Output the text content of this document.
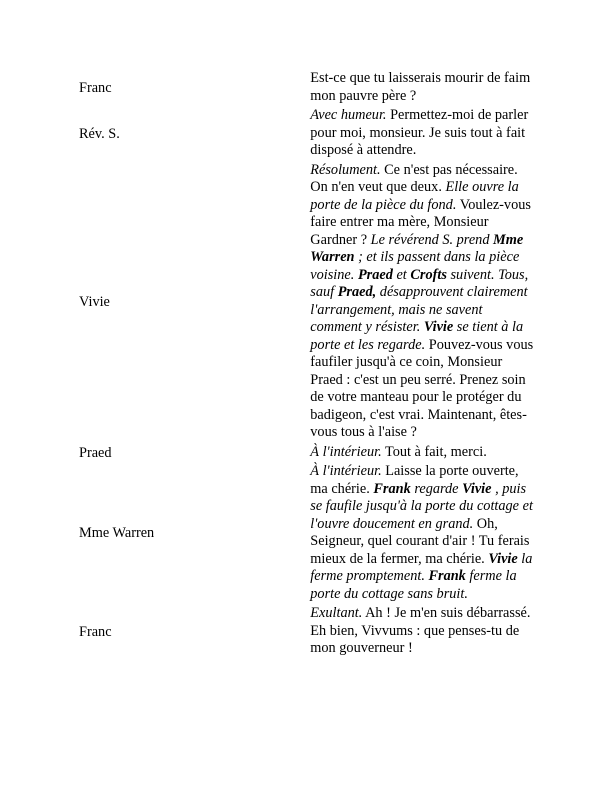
Franc	Est-ce que tu laisserais mourir de faim mon pauvre père ?
Rév. S.	Avec humeur. Permettez-moi de parler pour moi, monsieur. Je suis tout à fait disposé à attendre.
Vivie	Résolument. Ce n'est pas nécessaire. On n'en veut que deux. Elle ouvre la porte de la pièce du fond. Voulez-vous faire entrer ma mère, Monsieur Gardner ? Le révérend S. prend Mme Warren ; et ils passent dans la pièce voisine. Praed et Crofts suivent. Tous, sauf Praed, désapprouvent clairement l'arrangement, mais ne savent comment y résister. Vivie se tient à la porte et les regarde. Pouvez-vous vous faufiler jusqu'à ce coin, Monsieur Praed : c'est un peu serré. Prenez soin de votre manteau pour le protéger du badigeon, c'est vrai. Maintenant, êtes-vous tous à l'aise ?
Praed	À l'intérieur. Tout à fait, merci.
Mme Warren	À l'intérieur. Laisse la porte ouverte, ma chérie. Frank regarde Vivie , puis se faufile jusqu'à la porte du cottage et l'ouvre doucement en grand. Oh, Seigneur, quel courant d'air ! Tu ferais mieux de la fermer, ma chérie. Vivie la ferme promptement. Frank ferme la porte du cottage sans bruit.
Franc	Exultant. Ah ! Je m'en suis débarrassé. Eh bien, Vivvums : que penses-tu de mon gouverneur !
